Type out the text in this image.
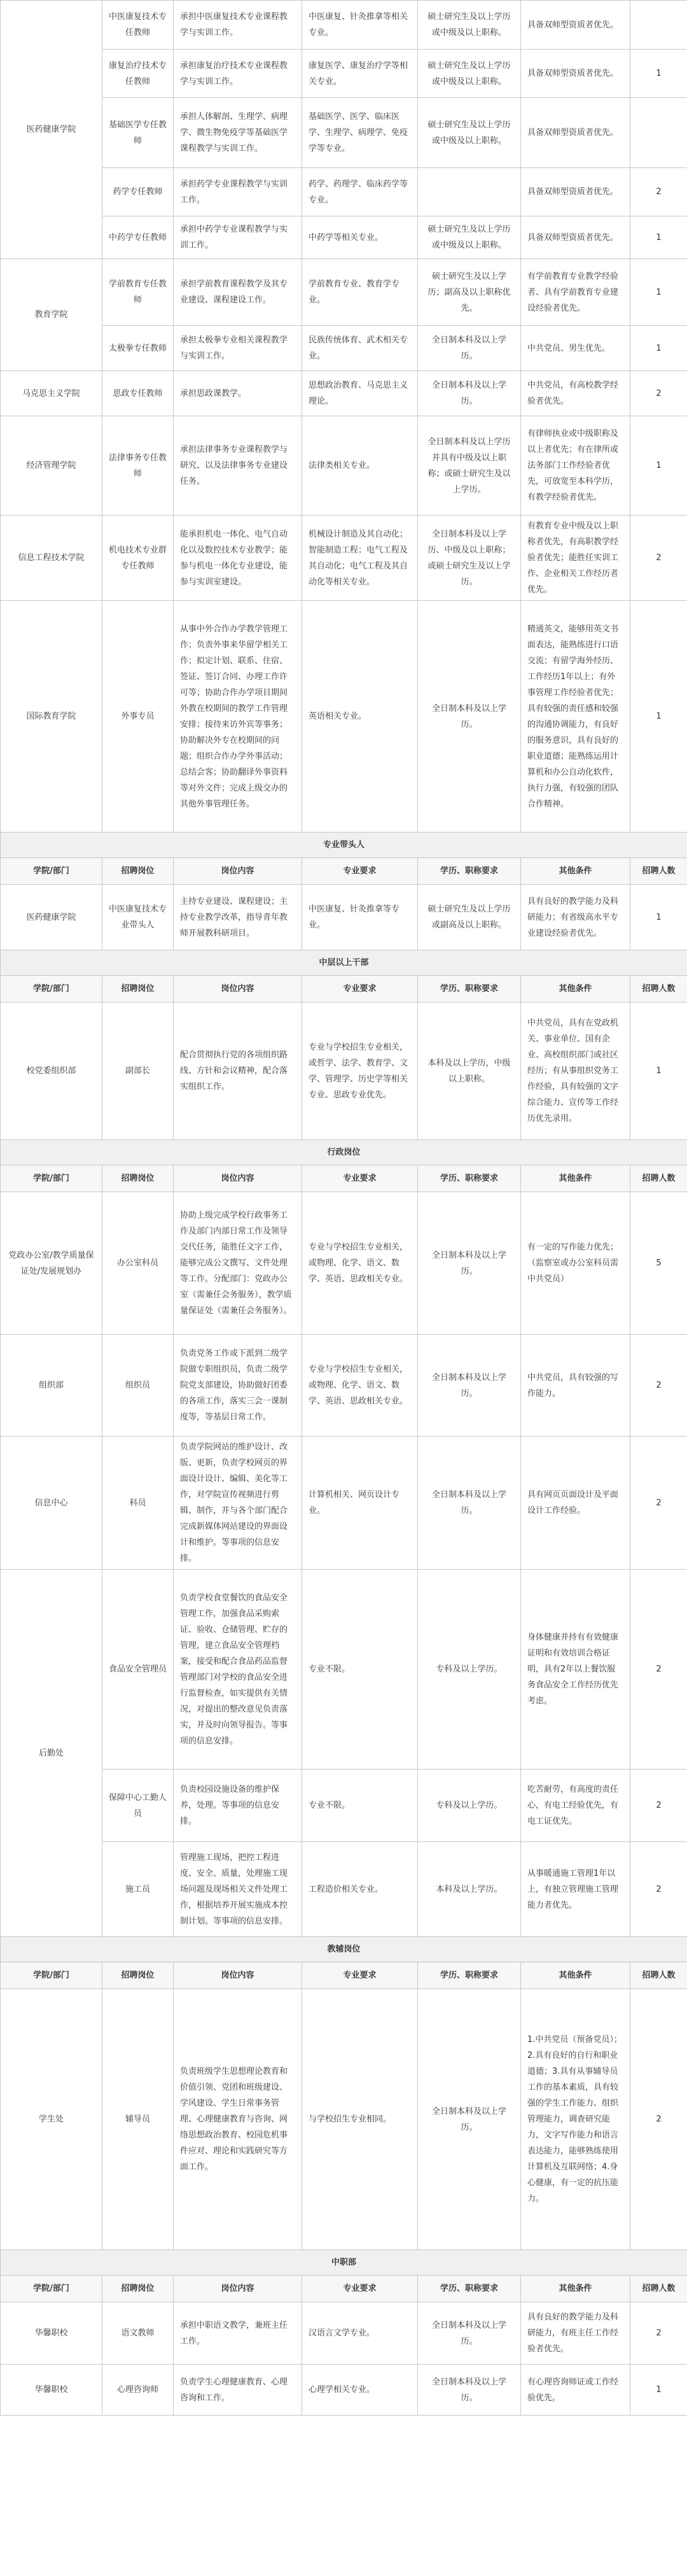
医药健康学院	中医康复技术专任教师	承担中医康复技术专业课程教学与实训工作。	中医康复、针灸推拿等相关专业。	硕士研究生及以上学历或中级及以上职称。	具备双师型资质者优先。	
	康复治疗技术专任教师	承担康复治疗技术专业课程教学与实训工作。	康复医学、康复治疗学等相关专业。	硕士研究生及以上学历或中级及以上职称。	具备双师型资质者优先。	1
	基础医学专任教师	承担人体解剖、生理学、病理学、微生物免疫学等基础医学课程教学与实训工作。	基础医学、医学、临床医学、生理学、病理学、免疫学等专业。	硕士研究生及以上学历或中级及以上职称。	具备双师型资质者优先。	
	药学专任教师	承担药学专业课程教学与实训工作。	药学、药理学、临床药学等专业。		具备双师型资质者优先。	2
	中药学专任教师	承担中药学专业课程教学与实训工作。	中药学等相关专业。	硕士研究生及以上学历或中级及以上职称。	具备双师型资质者优先。	1
教育学院	学前教育专任教师	承担学前教育课程教学及其专业建设、课程建设工作。	学前教育专业、教育学专业。	硕士研究生及以上学历；副高及以上职称优先。	有学前教育专业教学经验者、具有学前教育专业建设经验者优先。	1
	太极拳专任教师	承担太极拳专业相关课程教学与实训工作。	民族传统体育、武术相关专业。	全日制本科及以上学历。	中共党员、男生优先。	1
马克思主义学院	思政专任教师	承担思政课教学。	思想政治教育、马克思主义理论。	全日制本科及以上学历。	中共党员，有高校教学经验者优先。	2
经济管理学院	法律事务专任教师	承担法律事务专业课程教学与研究、以及法律事务专业建设任务。	法律类相关专业。	全日制本科及以上学历并具有中级及以上职称；或硕士研究生及以上学历。	有律师执业或中级职称及以上者优先；有在律所或法务部门工作经验者优先，可放宽至本科学历，有教学经验者优先。	1
信息工程技术学院	机电技术专业群专任教师	能承担机电一体化、电气自动化以及数控技术专业教学；能参与机电一体化专业建设，能参与实训室建设。	机械设计制造及其自动化；智能制造工程；电气工程及其自动化；电气工程及其自动化等相关专业。	全日制本科及以上学历、中级及以上职称；或硕士研究生及以上学历。	有教育专业中级及以上职称者优先，有高职教学经验者优先；能胜任实训工作、企业相关工作经历者优先。	2
国际教育学院	外事专员	从事中外合作办学教学管理工作；负责外事来华留学相关工作；拟定计划、联系、住宿、签证、签订合同、办理工作许可等；协助合作办学项目期间外教在校期间的教学工作管理安排；接待来访外宾等事务；协助解决外专在校期间的问题；组织合作办学外事活动；总结会客；协助翻译外事资料等对外文件；完成上级交办的其他外事管理任务。	英语相关专业。	全日制本科及以上学历。	精通英文，能够用英文书面表达，能熟练进行口语交流；有留学海外经历、工作经历1年以上；有外事管理工作经验者优先；具有较强的责任感和较强的沟通协调能力，有良好的服务意识，具有良好的职业道德；能熟练运用计算机和办公自动化软件，执行力强，有较强的团队合作精神。	1
专业带头人						
学院/部门	招聘岗位	岗位内容	专业要求	学历、职称要求	其他条件	招聘人数
医药健康学院	中医康复技术专业带头人	主持专业建设、课程建设；主持专业教学改革，指导青年教师开展教科研项目。	中医康复、针灸推拿等专业。	硕士研究生及以上学历或副高及以上职称。	具有良好的教学能力及科研能力；有省级高水平专业建设经验者优先。	1
中层以上干部						
学院/部门	招聘岗位	岗位内容	专业要求	学历、职称要求	其他条件	招聘人数
校党委组织部	副部长	配合贯彻执行党的各项组织路线、方针和会议精神，配合落实组织工作。	专业与学校招生专业相关，或哲学、法学、教育学、文学、管理学、历史学等相关专业、思政专业优先。	本科及以上学历，中级以上职称。	中共党员，具有在党政机关、事业单位、国有企业、高校组织部门或社区经历；有从事组织党务工作经验，具有较强的文字综合能力、宣传等工作经历优先录用。	1
行政岗位						
学院/部门	招聘岗位	岗位内容	专业要求	学历、职称要求	其他条件	招聘人数
党政办公室/教学质量保证处/发展规划办	办公室科员	协助上级完成学校行政事务工作及部门内部日常工作及领导交代任务，能胜任文字工作，能够完成公文撰写、文件处理等工作。分配部门：党政办公室（需兼任会务服务），教学质量保证处（需兼任会务服务）。	专业与学校招生专业相关，或物理、化学、语文、数学、英语、思政相关专业。	全日制本科及以上学历。	有一定的写作能力优先；（监察室或办公室科员需中共党员）	5
组织部	组织员	负责党务工作或下派到二级学院做专职组织员，负责二级学院党支部建设，协助做好团委的各项工作，落实三会一课制度等，等基层日常工作。	专业与学校招生专业相关，或物理、化学、语文、数学、英语、思政相关专业。	全日制本科及以上学历。	中共党员，具有较强的写作能力。	2
信息中心	科员	负责学院网站的维护设计、改版、更新，负责学校网页的界面设计设计、编辑、美化等工作，对学院宣传视频进行剪辑、制作，并与各个部门配合完成新媒体网站建设的界面设计和维护。等事项的信息安排。	计算机相关、网页设计专业。	全日制本科及以上学历。	具有网页页面设计及平面设计工作经验。	2
后勤处	食品安全管理员	负责学校食堂餐饮的食品安全管理工作，加强食品采购索证、验收、仓储管理、贮存的管理，建立食品安全管理档案，接受和配合食品药品监督管理部门对学校的食品安全进行监督检查，如实提供有关情况，对提出的整改意见负责落实，并及时向领导报告。等事项的信息安排。	专业不限。	专科及以上学历。	身体健康并持有有效健康证明和有效培训合格证明，具有2年以上餐饮服务食品安全工作经历优先考虑。	2
	保障中心工勤人员	负责校园设施设备的维护保养，处理。等事项的信息安排。	专业不限。	专科及以上学历。	吃苦耐劳，有高度的责任心，有电工经验优先，有电工证优先。	2
	施工员	管理施工现场，把控工程进度、安全、质量，处理施工现场问题及现场相关文件处理工作，根据培养开展实施成本控制计划。等事项的信息安排。	工程造价相关专业。	本科及以上学历。	从事暖通施工管理1年以上，有独立管理施工管理能力者优先。	2
教辅岗位						
学院/部门	招聘岗位	岗位内容	专业要求	学历、职称要求	其他条件	招聘人数
学生处	辅导员	负责班级学生思想理论教育和价值引领、党团和班级建设、学风建设、学生日常事务管理、心理健康教育与咨询、网络思想政治教育、校园危机事件应对、理论和实践研究等方面工作。	与学校招生专业相同。	全日制本科及以上学历。	1.中共党员（预备党员）；2.具有良好的自行和职业道德；3.具有从事辅导员工作的基本素质，具有较强的学生工作能力、组织管理能力，调查研究能力，文字写作能力和语言表达能力，能够熟练使用计算机及互联网络；4.身心健康，有一定的抗压能力。	2
中职部						
学院/部门	招聘岗位	岗位内容	专业要求	学历、职称要求	其他条件	招聘人数
华馨职校	语文教师	承担中职语文教学，兼班主任工作。	汉语言文学专业。	全日制本科及以上学历。	具有良好的教学能力及科研能力，有班主任工作经验者优先。	2
华馨职校	心理咨询师	负责学生心理健康教育、心理咨询和工作。	心理学相关专业。	全日制本科及以上学历。	有心理咨询师证或工作经验优先。	1
